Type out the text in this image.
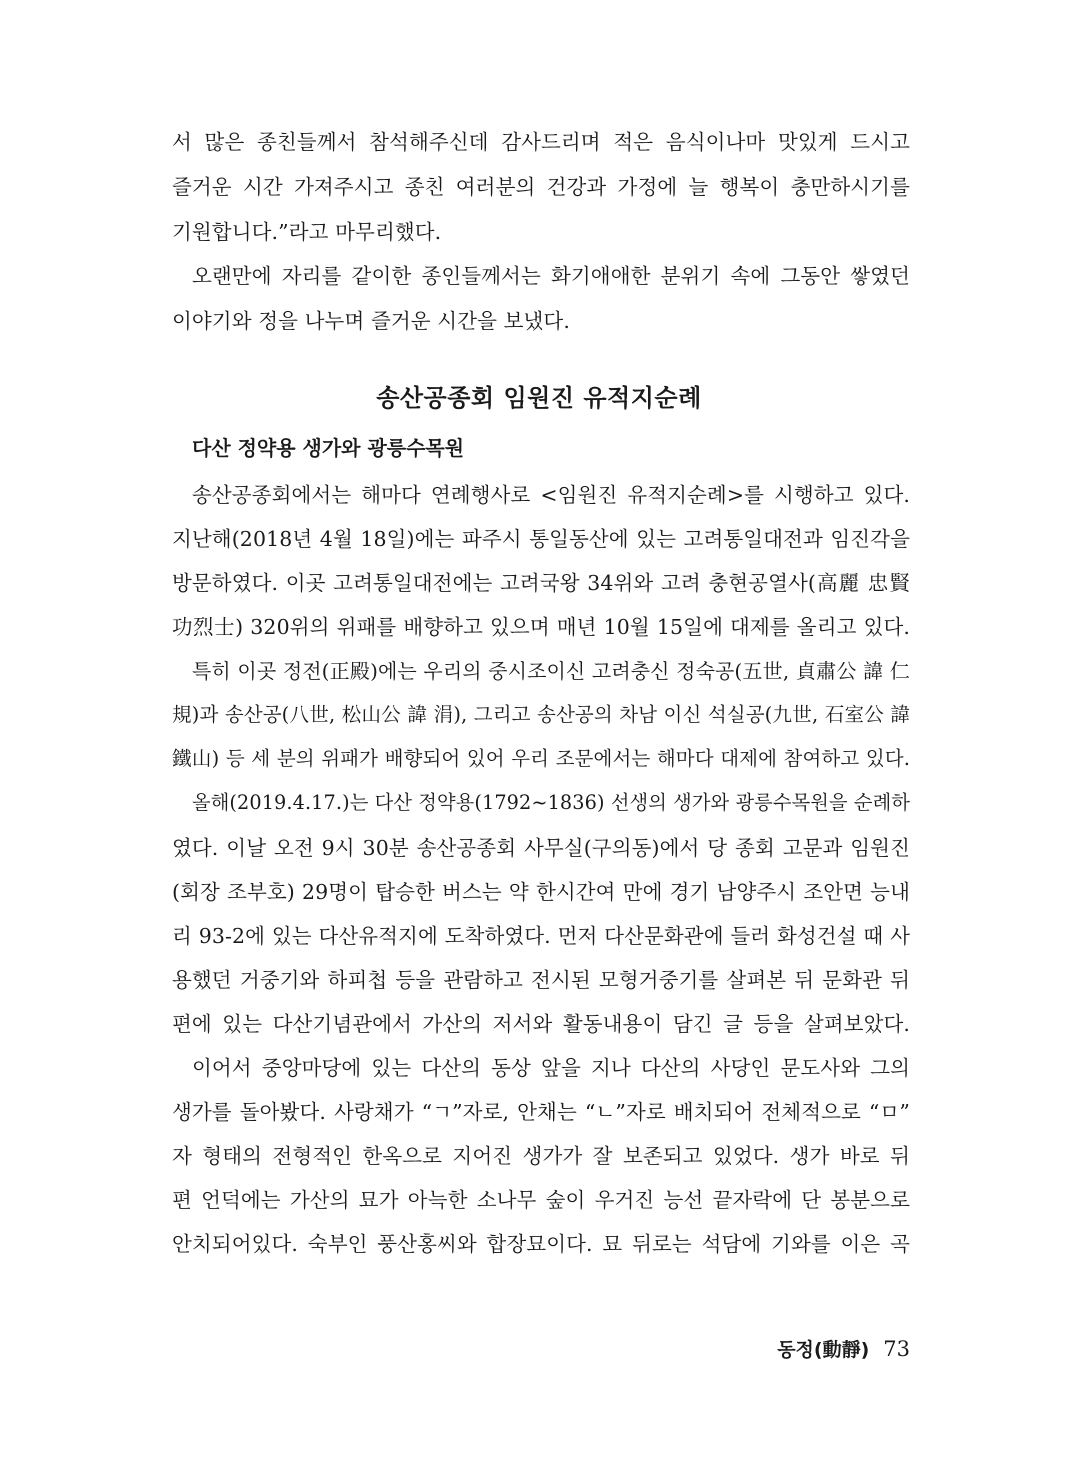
서 많은 종친들께서 참석해주신데 감사드리며 적은 음식이나마 맛있게 드시고
즐거운 시간 가져주시고 종친 여러분의 건강과 가정에 늘 행복이 충만하시기를
기원합니다.”라고 마무리했다.
오랜만에 자리를 같이한 종인들께서는 화기애애한 분위기 속에 그동안 쌓였던
이야기와 정을 나누며 즐거운 시간을 보냈다.
송산공종회 임원진 유적지순례
다산 정약용 생가와 광릉수목원
송산공종회에서는 해마다 연례행사로 <임원진 유적지순례>를 시행하고 있다.
지난해(2018년 4월 18일)에는 파주시 통일동산에 있는 고려통일대전과 임진각을
방문하였다. 이곳 고려통일대전에는 고려국왕 34위와 고려 충현공열사(高麗 忠賢
功烈士) 320위의 위패를 배향하고 있으며 매년 10월 15일에 대제를 올리고 있다.
특히 이곳 정전(正殿)에는 우리의 중시조이신 고려충신 정숙공(五世, 貞肅公 諱 仁
規)과 송산공(八世, 松山公 諱 涓), 그리고 송산공의 차남 이신 석실공(九世, 石室公 諱
鐵山) 등 세 분의 위패가 배향되어 있어 우리 조문에서는 해마다 대제에 참여하고 있다.
올해(2019.4.17.)는 다산 정약용(1792~1836) 선생의 생가와 광릉수목원을 순례하
였다. 이날 오전 9시 30분 송산공종회 사무실(구의동)에서 당 종회 고문과 임원진
(회장 조부호) 29명이 탑승한 버스는 약 한시간여 만에 경기 남양주시 조안면 능내
리 93-2에 있는 다산유적지에 도착하였다. 먼저 다산문화관에 들러 화성건설 때 사
용했던 거중기와 하피첩 등을 관람하고 전시된 모형거중기를 살펴본 뒤 문화관 뒤
편에 있는 다산기념관에서 가산의 저서와 활동내용이 담긴 글 등을 살펴보았다.
이어서 중앙마당에 있는 다산의 동상 앞을 지나 다산의 사당인 문도사와 그의
생가를 돌아봤다. 사랑채가 “ㄱ”자로, 안채는 “ㄴ”자로 배치되어 전체적으로 “ㅁ”
자 형태의 전형적인 한옥으로 지어진 생가가 잘 보존되고 있었다. 생가 바로 뒤
편 언덕에는 가산의 묘가 아늑한 소나무 숲이 우거진 능선 끝자락에 단 봉분으로
안치되어있다. 숙부인 풍산홍씨와 합장묘이다. 묘 뒤로는 석담에 기와를 이은 곡
동정(動靜) 73
